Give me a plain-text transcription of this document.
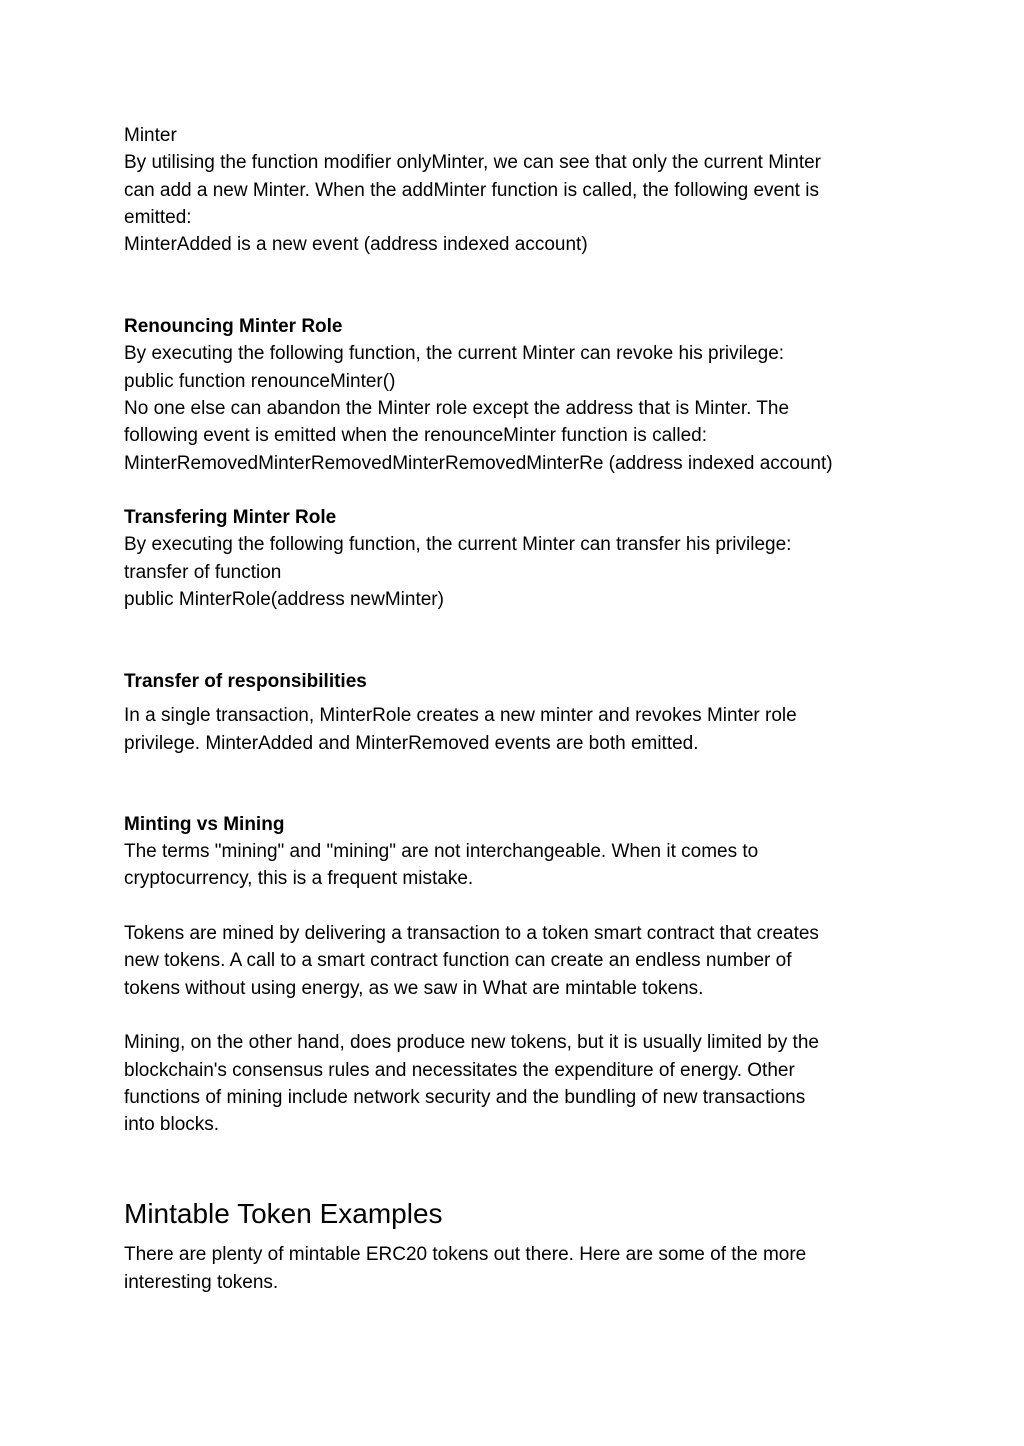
Minter

By utilising the function modifier onlyMinter, we can see that only the current Minter

can add a new Minter. When the addMinter function is called, the following event is

emitted:

MinterAdded is a new event (address indexed account)

Renouncing Minter Role

By executing the following function, the current Minter can revoke his privilege:

public function renounceMinter()

No one else can abandon the Minter role except the address that is Minter. The

following event is emitted when the renounceMinter function is called:

MinterRemovedMinterRemovedMinterRemovedMinterRe (address indexed account)

Transfering Minter Role

By executing the following function, the current Minter can transfer his privilege:

transfer of function

public MinterRole(address newMinter)

Transfer of responsibilities

In a single transaction, MinterRole creates a new minter and revokes Minter role

privilege. MinterAdded and MinterRemoved events are both emitted.

Minting vs Mining

The terms "mining" and "mining" are not interchangeable. When it comes to

cryptocurrency, this is a frequent mistake.

Tokens are mined by delivering a transaction to a token smart contract that creates

new tokens. A call to a smart contract function can create an endless number of

tokens without using energy, as we saw in What are mintable tokens.

Mining, on the other hand, does produce new tokens, but it is usually limited by the

blockchain's consensus rules and necessitates the expenditure of energy. Other

functions of mining include network security and the bundling of new transactions

into blocks.

Mintable Token Examples

There are plenty of mintable ERC20 tokens out there. Here are some of the more

interesting tokens.
